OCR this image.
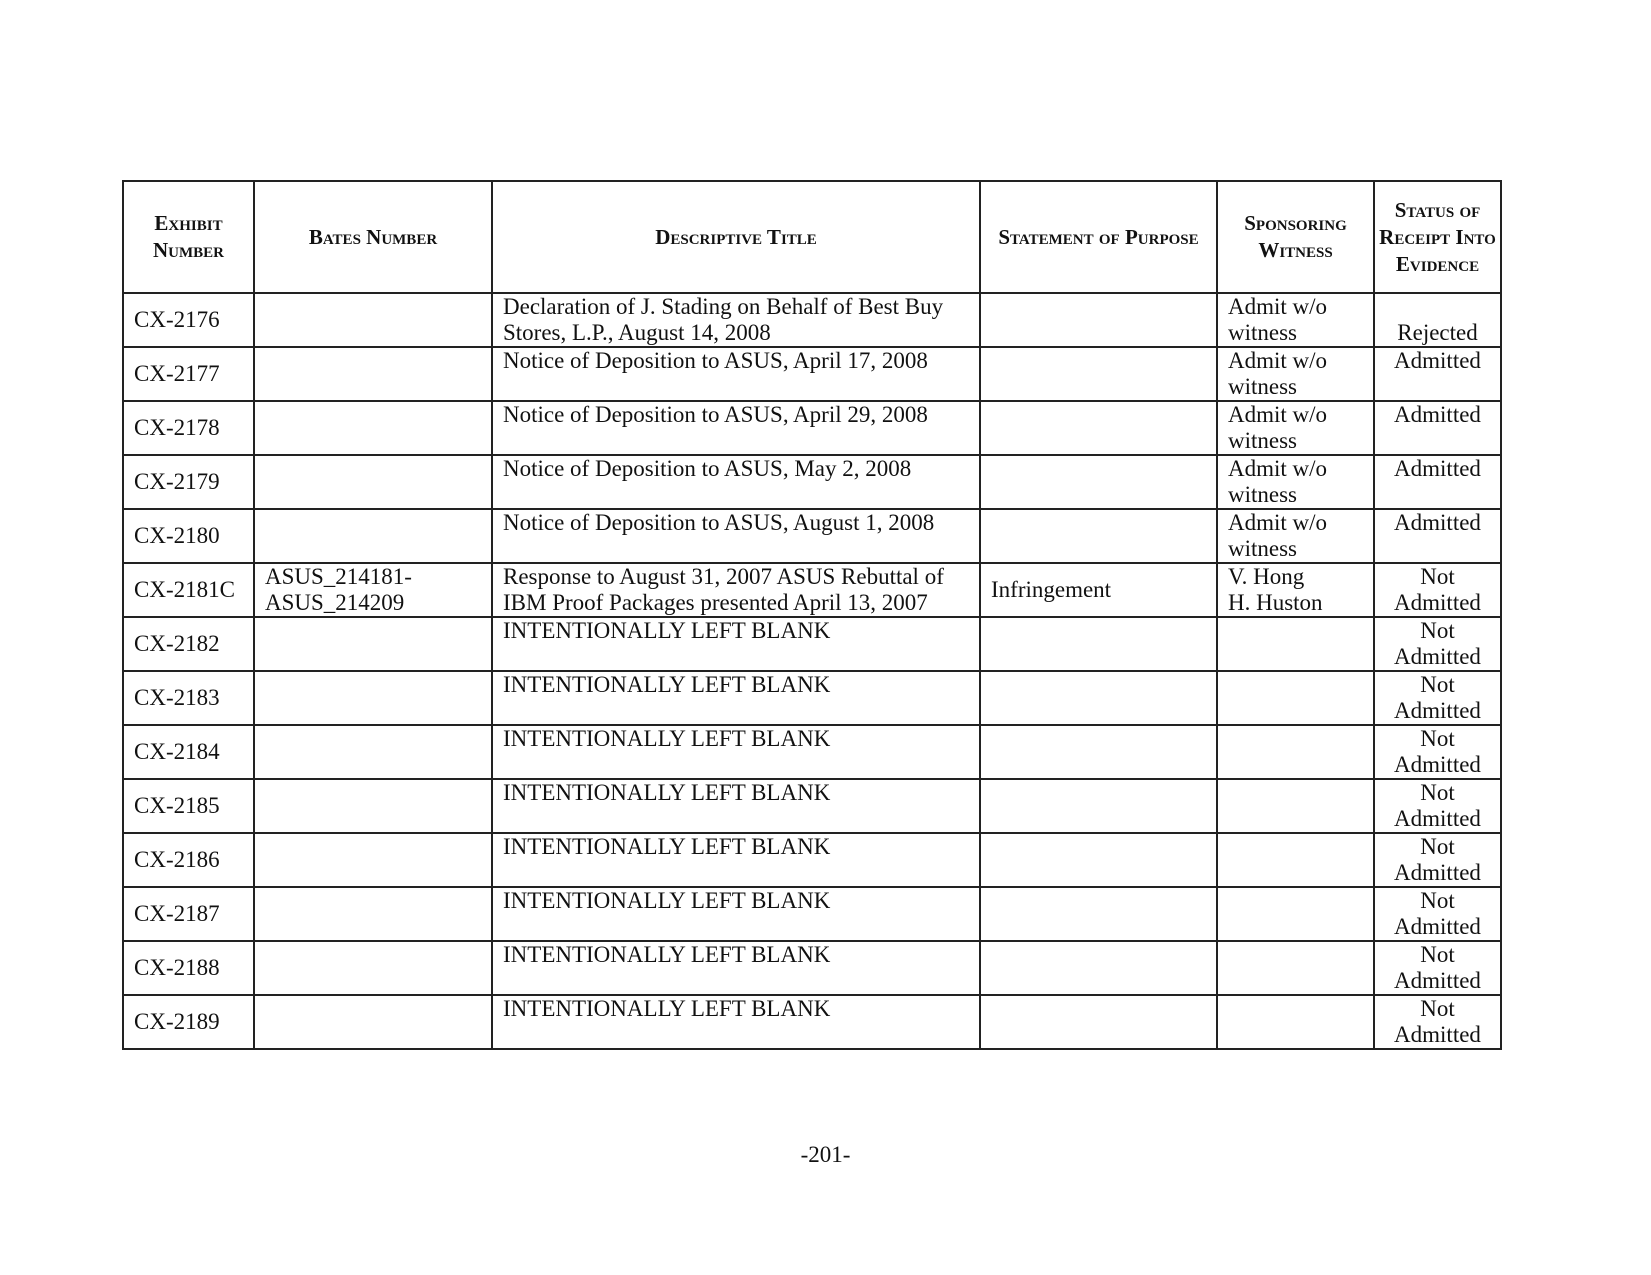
Exhibit Number	Bates Number	Descriptive Title	Statement of Purpose	Sponsoring Witness	Status of Receipt Into Evidence
CX-2176		Declaration of J. Stading on Behalf of Best Buy
Stores, L.P., August 14, 2008		Admit w/o
witness	Rejected

CX-2177		Notice of Deposition to ASUS, April 17, 2008		Admit w/o
witness	Admitted

CX-2178		Notice of Deposition to ASUS, April 29, 2008		Admit w/o
witness	Admitted

CX-2179		Notice of Deposition to ASUS, May 2, 2008		Admit w/o
witness	Admitted

CX-2180		Notice of Deposition to ASUS, August 1, 2008		Admit w/o
witness	Admitted

CX-2181C	ASUS_214181-
ASUS_214209	Response to August 31, 2007 ASUS Rebuttal of
IBM Proof Packages presented April 13, 2007	Infringement	V. Hong
H. Huston	Not
Admitted

CX-2182		INTENTIONALLY LEFT BLANK			Not
Admitted

CX-2183		INTENTIONALLY LEFT BLANK			Not
Admitted

CX-2184		INTENTIONALLY LEFT BLANK			Not
Admitted

CX-2185		INTENTIONALLY LEFT BLANK			Not
Admitted

CX-2186		INTENTIONALLY LEFT BLANK			Not
Admitted

CX-2187		INTENTIONALLY LEFT BLANK			Not
Admitted

CX-2188		INTENTIONALLY LEFT BLANK			Not
Admitted

CX-2189		INTENTIONALLY LEFT BLANK			Not
Admitted
-201-
